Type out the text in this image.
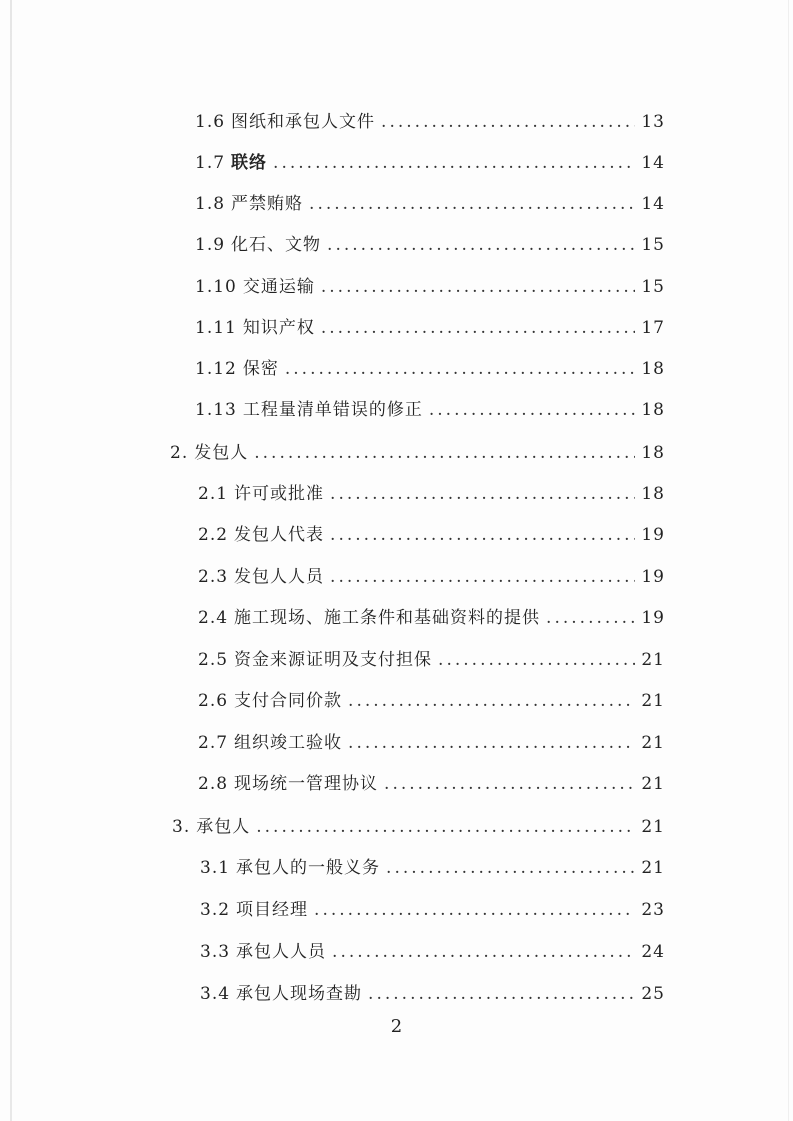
1.6 图纸和承包人文件 .....	13
1.7 联络 .....	14
1.8 严禁贿赂 .....	14
1.9 化石、文物 .....	15
1.10 交通运输 .....	15
1.11 知识产权 .....	17
1.12 保密 .....	18
1.13 工程量清单错误的修正 .....	18
2. 发包人 .....	18
2.1 许可或批准 .....	18
2.2 发包人代表 .....	19
2.3 发包人人员 .....	19
2.4 施工现场、施工条件和基础资料的提供 .....	19
2.5 资金来源证明及支付担保 .....	21
2.6 支付合同价款 .....	21
2.7 组织竣工验收 .....	21
2.8 现场统一管理协议 .....	21
3. 承包人 .....	21
3.1 承包人的一般义务 .....	21
3.2 项目经理 .....	23
3.3 承包人人员 .....	24
3.4 承包人现场查勘 .....	25
2
